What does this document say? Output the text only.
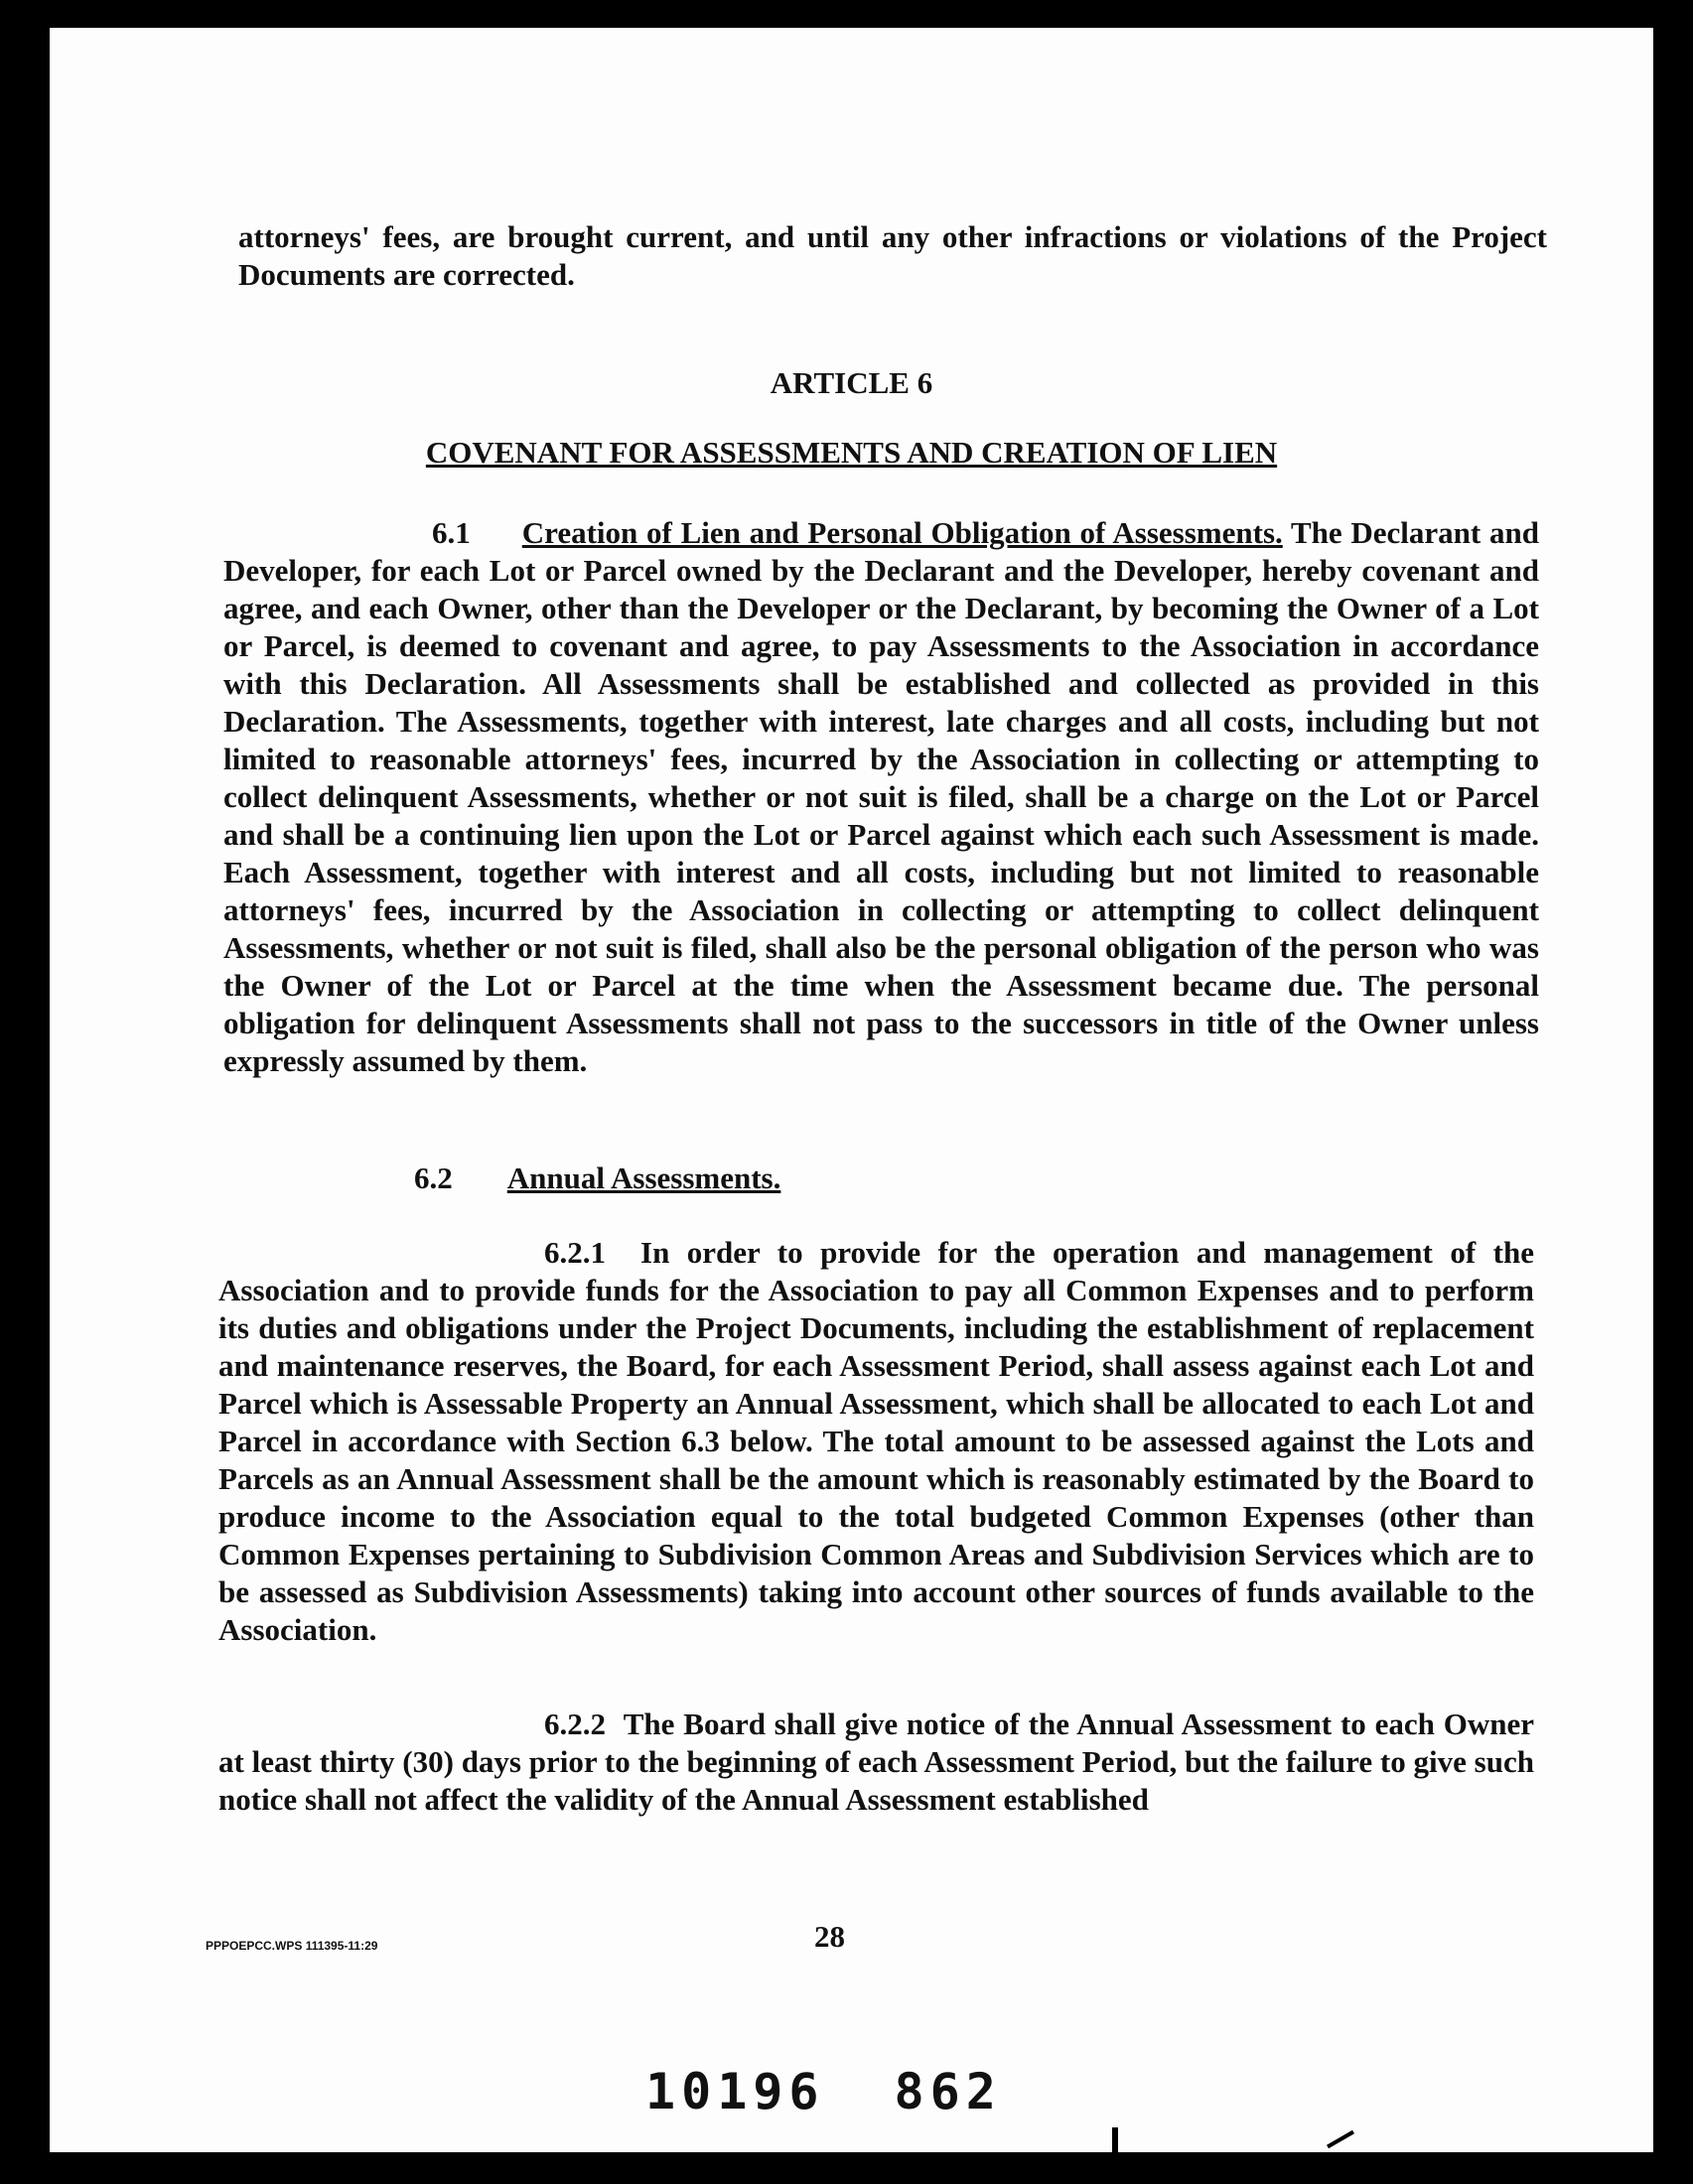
attorneys' fees, are brought current, and until any other infractions or violations of the Project Documents are corrected.

ARTICLE 6
COVENANT FOR ASSESSMENTS AND CREATION OF LIEN

6.1 Creation of Lien and Personal Obligation of Assessments. The Declarant and Developer, for each Lot or Parcel owned by the Declarant and the Developer, hereby covenant and agree, and each Owner, other than the Developer or the Declarant, by becoming the Owner of a Lot or Parcel, is deemed to covenant and agree, to pay Assessments to the Association in accordance with this Declaration. All Assessments shall be established and collected as provided in this Declaration. The Assessments, together with interest, late charges and all costs, including but not limited to reasonable attorneys' fees, incurred by the Association in collecting or attempting to collect delinquent Assessments, whether or not suit is filed, shall be a charge on the Lot or Parcel and shall be a continuing lien upon the Lot or Parcel against which each such Assessment is made. Each Assessment, together with interest and all costs, including but not limited to reasonable attorneys' fees, incurred by the Association in collecting or attempting to collect delinquent Assessments, whether or not suit is filed, shall also be the personal obligation of the person who was the Owner of the Lot or Parcel at the time when the Assessment became due. The personal obligation for delinquent Assessments shall not pass to the successors in title of the Owner unless expressly assumed by them.

6.2 Annual Assessments.

6.2.1 In order to provide for the operation and management of the Association and to provide funds for the Association to pay all Common Expenses and to perform its duties and obligations under the Project Documents, including the establishment of replacement and maintenance reserves, the Board, for each Assessment Period, shall assess against each Lot and Parcel which is Assessable Property an Annual Assessment, which shall be allocated to each Lot and Parcel in accordance with Section 6.3 below. The total amount to be assessed against the Lots and Parcels as an Annual Assessment shall be the amount which is reasonably estimated by the Board to produce income to the Association equal to the total budgeted Common Expenses (other than Common Expenses pertaining to Subdivision Common Areas and Subdivision Services which are to be assessed as Subdivision Assessments) taking into account other sources of funds available to the Association.

6.2.2 The Board shall give notice of the Annual Assessment to each Owner at least thirty (30) days prior to the beginning of each Assessment Period, but the failure to give such notice shall not affect the validity of the Annual Assessment established

PPPOEPCC.WPS 111395-11:29	28
10196 862
